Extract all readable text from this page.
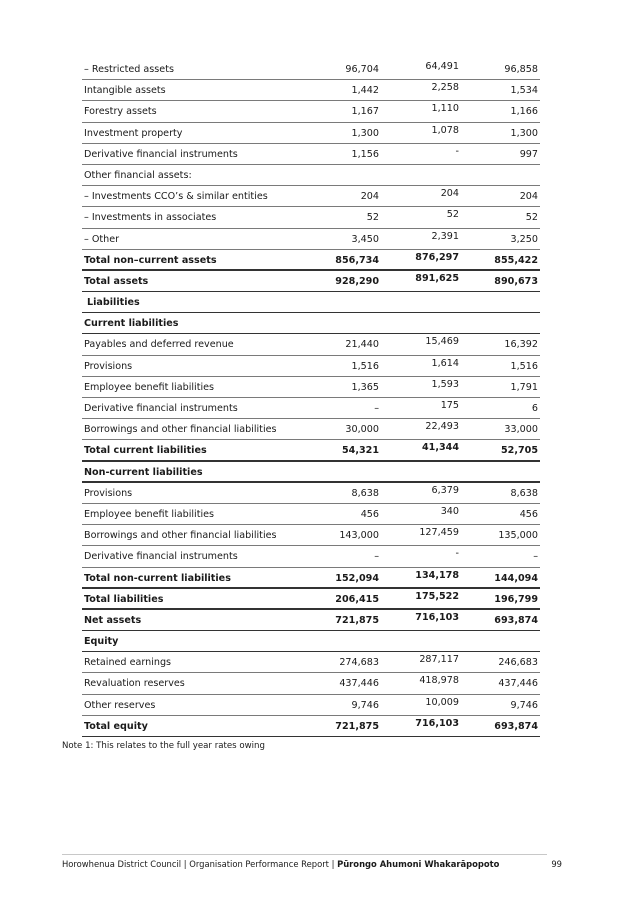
– Restricted assets	96,704	64,491	96,858
Intangible assets	1,442	2,258	1,534
Forestry assets	1,167	1,110	1,166
Investment property	1,300	1,078	1,300
Derivative financial instruments	1,156	-	997
Other financial assets:
– Investments CCO’s & similar entities	204	204	204
– Investments in associates	52	52	52
– Other	3,450	2,391	3,250
Total non–current assets	856,734	876,297	855,422
Total assets	928,290	891,625	890,673
Liabilities
Current liabilities
Payables and deferred revenue	21,440	15,469	16,392
Provisions	1,516	1,614	1,516
Employee benefit liabilities	1,365	1,593	1,791
Derivative financial instruments	–	175	6
Borrowings and other financial liabilities	30,000	22,493	33,000
Total current liabilities	54,321	41,344	52,705
Non-current liabilities
Provisions	8,638	6,379	8,638
Employee benefit liabilities	456	340	456
Borrowings and other financial liabilities	143,000	127,459	135,000
Derivative financial instruments	–	-	–
Total non-current liabilities	152,094	134,178	144,094
Total liabilities	206,415	175,522	196,799
Net assets	721,875	716,103	693,874
Equity
Retained earnings	274,683	287,117	246,683
Revaluation reserves	437,446	418,978	437,446
Other reserves	9,746	10,009	9,746
Total equity	721,875	716,103	693,874
Note 1: This relates to the full year rates owing
Horowhenua District Council | Organisation Performance Report | Pūrongo Ahumoni Whakarāpopoto	99
